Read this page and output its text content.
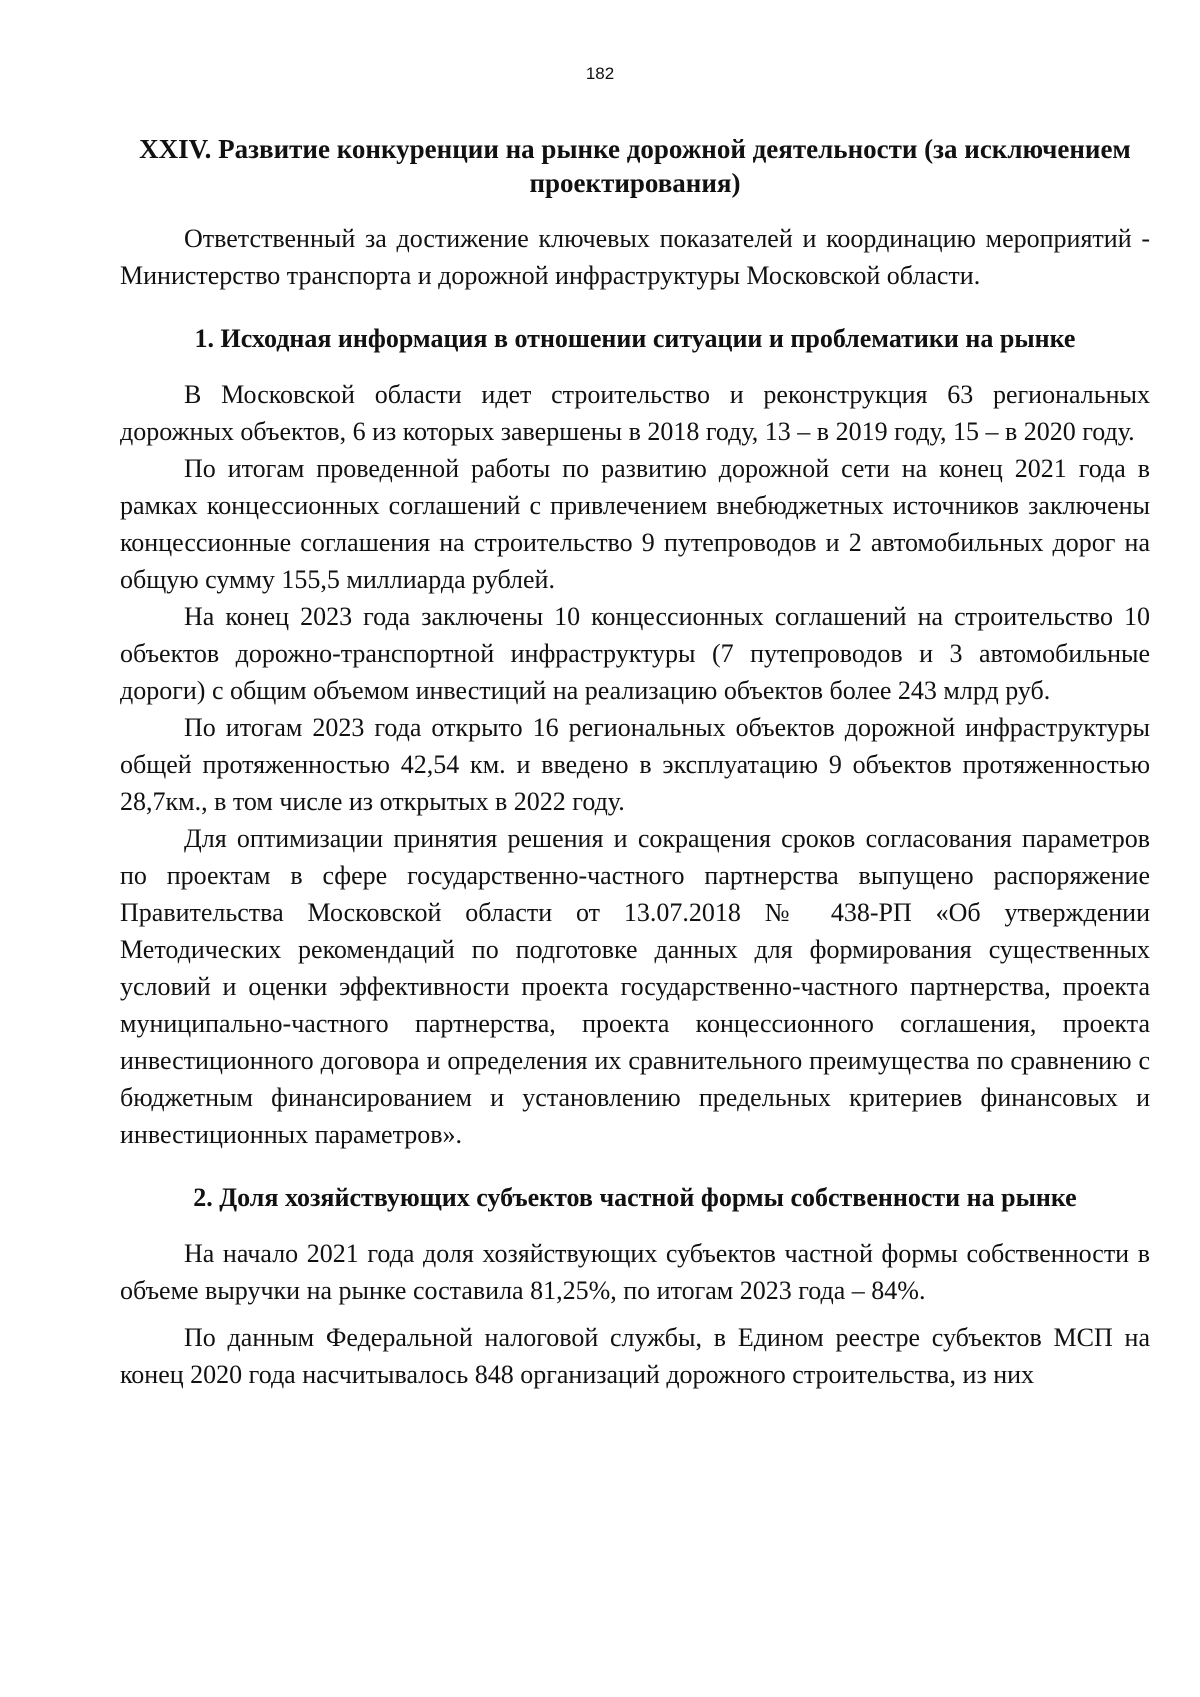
182
XXIV. Развитие конкуренции на рынке дорожной деятельности (за исключением проектирования)

Ответственный за достижение ключевых показателей и координацию мероприятий - Министерство транспорта и дорожной инфраструктуры Московской области.

1. Исходная информация в отношении ситуации и проблематики на рынке

В Московской области идет строительство и реконструкция 63 региональных дорожных объектов, 6 из которых завершены в 2018 году, 13 – в 2019 году, 15 – в 2020 году.

По итогам проведенной работы по развитию дорожной сети на конец 2021 года в рамках концессионных соглашений с привлечением внебюджетных источников заключены концессионные соглашения на строительство 9 путепроводов и 2 автомобильных дорог на общую сумму 155,5 миллиарда рублей.

На конец 2023 года заключены 10 концессионных соглашений на строительство 10 объектов дорожно-транспортной инфраструктуры (7 путепроводов и 3 автомобильные дороги) с общим объемом инвестиций на реализацию объектов более 243 млрд руб.

По итогам 2023 года открыто 16 региональных объектов дорожной инфраструктуры общей протяженностью 42,54 км. и введено в эксплуатацию 9 объектов протяженностью 28,7км., в том числе из открытых в 2022 году.

Для оптимизации принятия решения и сокращения сроков согласования параметров по проектам в сфере государственно-частного партнерства выпущено распоряжение Правительства Московской области от 13.07.2018 № 438-РП «Об утверждении Методических рекомендаций по подготовке данных для формирования существенных условий и оценки эффективности проекта государственно-частного партнерства, проекта муниципально-частного партнерства, проекта концессионного соглашения, проекта инвестиционного договора и определения их сравнительного преимущества по сравнению с бюджетным финансированием и установлению предельных критериев финансовых и инвестиционных параметров».

2. Доля хозяйствующих субъектов частной формы собственности на рынке

На начало 2021 года доля хозяйствующих субъектов частной формы собственности в объеме выручки на рынке составила 81,25%, по итогам 2023 года – 84%.

По данным Федеральной налоговой службы, в Едином реестре субъектов МСП на конец 2020 года насчитывалось 848 организаций дорожного строительства, из них
